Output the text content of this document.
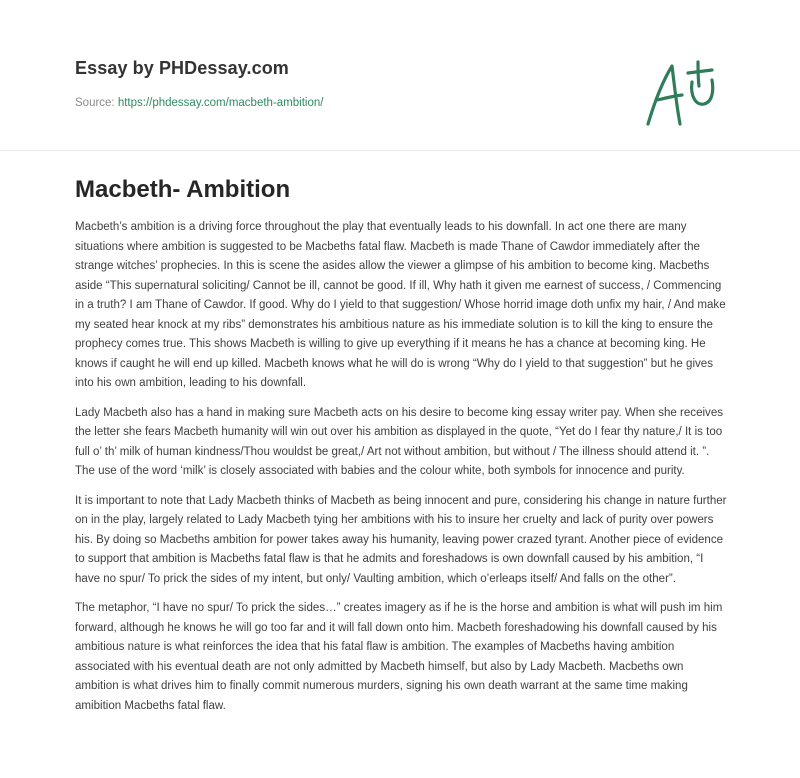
Essay by PHDessay.com
Source: https://phdessay.com/macbeth-ambition/
Macbeth- Ambition

Macbeth’s ambition is a driving force throughout the play that eventually leads to his downfall. In act one there are many situations where ambition is suggested to be Macbeths fatal flaw. Macbeth is made Thane of Cawdor immediately after the strange witches’ prophecies. In this is scene the asides allow the viewer a glimpse of his ambition to become king. Macbeths aside “This supernatural soliciting/ Cannot be ill, cannot be good. If ill, Why hath it given me earnest of success, / Commencing in a truth? I am Thane of Cawdor. If good. Why do I yield to that suggestion/ Whose horrid image doth unfix my hair, / And make my seated hear knock at my ribs” demonstrates his ambitious nature as his immediate solution is to kill the king to ensure the prophecy comes true. This shows Macbeth is willing to give up everything if it means he has a chance at becoming king. He knows if caught he will end up killed. Macbeth knows what he will do is wrong “Why do I yield to that suggestion” but he gives into his own ambition, leading to his downfall.

Lady Macbeth also has a hand in making sure Macbeth acts on his desire to become king essay writer pay. When she receives the letter she fears Macbeth humanity will win out over his ambition as displayed in the quote, “Yet do I fear thy nature,/ It is too full o’ th’ milk of human kindness/Thou wouldst be great,/ Art not without ambition, but without / The illness should attend it. ”. The use of the word ‘milk’ is closely associated with babies and the colour white, both symbols for innocence and purity.

It is important to note that Lady Macbeth thinks of Macbeth as being innocent and pure, considering his change in nature further on in the play, largely related to Lady Macbeth tying her ambitions with his to insure her cruelty and lack of purity over powers his. By doing so Macbeths ambition for power takes away his humanity, leaving power crazed tyrant. Another piece of evidence to support that ambition is Macbeths fatal flaw is that he admits and foreshadows is own downfall caused by his ambition, “I have no spur/ To prick the sides of my intent, but only/ Vaulting ambition, which o’erleaps itself/ And falls on the other”.

The metaphor, “I have no spur/ To prick the sides…” creates imagery as if he is the horse and ambition is what will push im him forward, although he knows he will go too far and it will fall down onto him. Macbeth foreshadowing his downfall caused by his ambitious nature is what reinforces the idea that his fatal flaw is ambition. The examples of Macbeths having ambition associated with his eventual death are not only admitted by Macbeth himself, but also by Lady Macbeth. Macbeths own ambition is what drives him to finally commit numerous murders, signing his own death warrant at the same time making amibition Macbeths fatal flaw.
